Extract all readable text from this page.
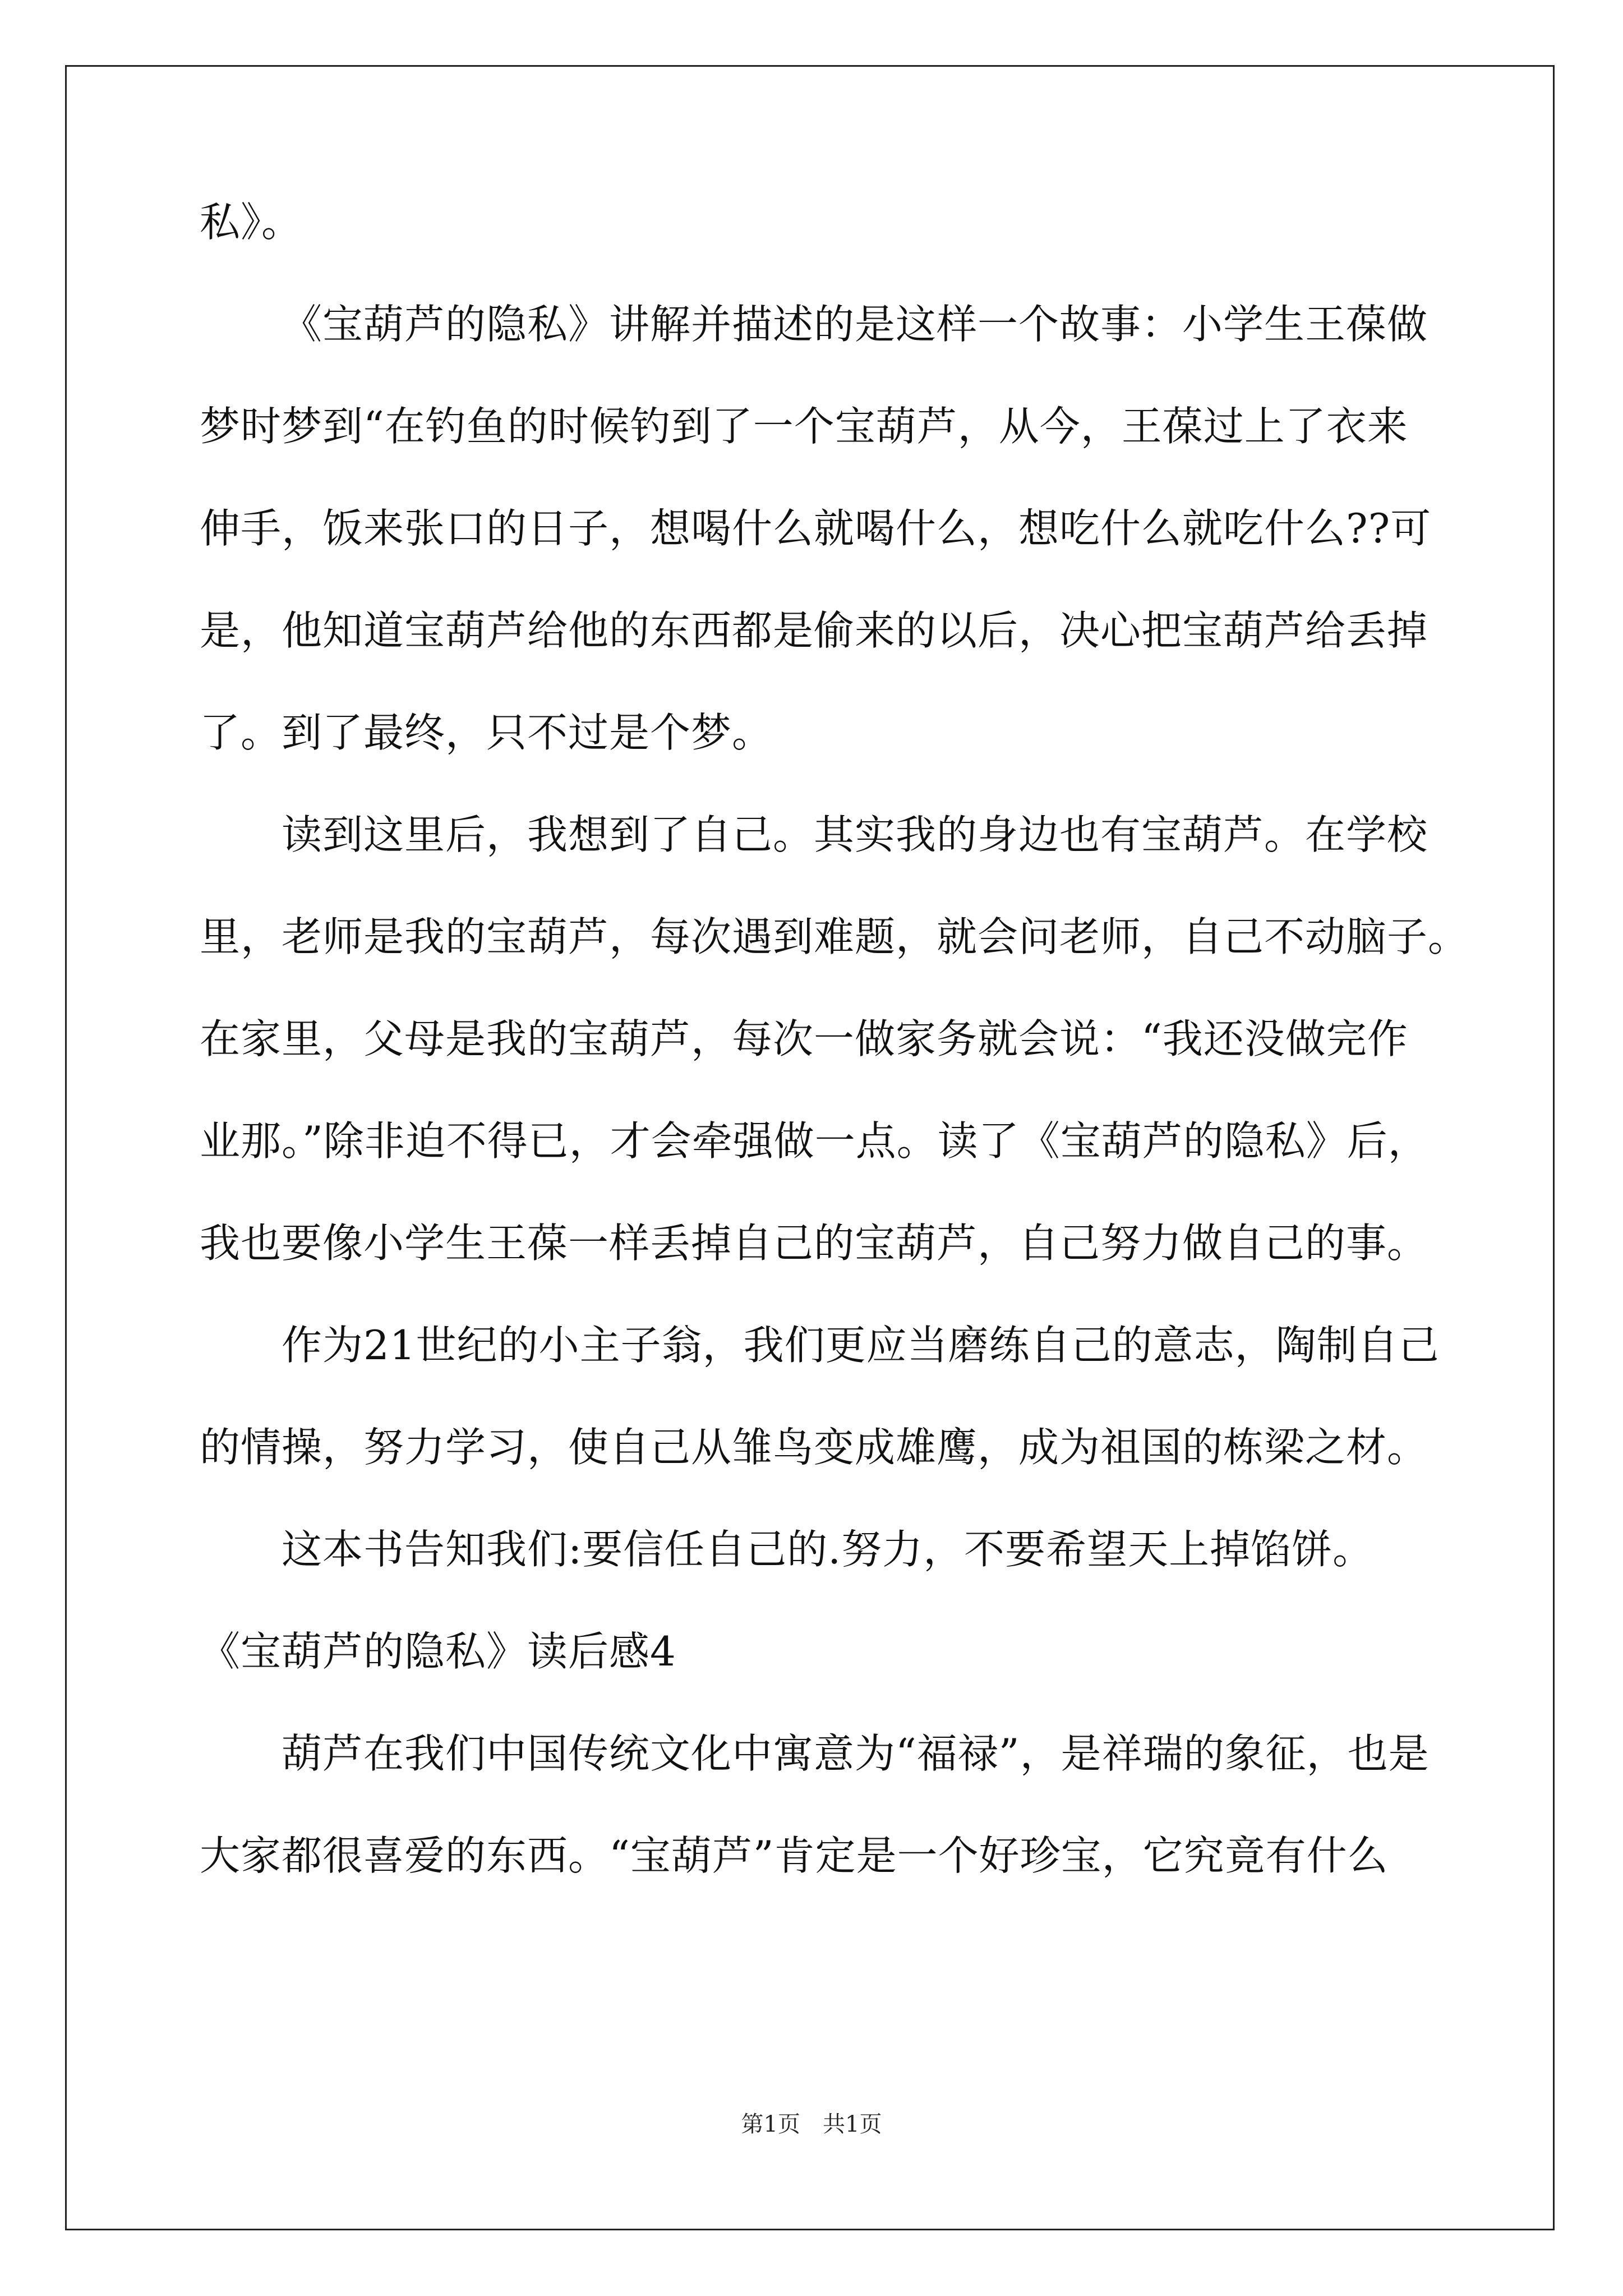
私》。

《宝葫芦的隐私》讲解并描述的是这样一个故事：小学生王葆做

梦时梦到“在钓鱼的时候钓到了一个宝葫芦，从今，王葆过上了衣来

伸手，饭来张口的日子，想喝什么就喝什么，想吃什么就吃什么??可

是，他知道宝葫芦给他的东西都是偷来的以后，决心把宝葫芦给丢掉

了。到了最终，只不过是个梦。

读到这里后，我想到了自己。其实我的身边也有宝葫芦。在学校

里，老师是我的宝葫芦，每次遇到难题，就会问老师，自己不动脑子。

在家里，父母是我的宝葫芦，每次一做家务就会说：“我还没做完作

业那。”除非迫不得已，才会牵强做一点。读了《宝葫芦的隐私》后，

我也要像小学生王葆一样丢掉自己的宝葫芦，自己努力做自己的事。

作为21世纪的小主子翁，我们更应当磨练自己的意志，陶制自己

的情操，努力学习，使自己从雏鸟变成雄鹰，成为祖国的栋梁之材。

这本书告知我们:要信任自己的.努力，不要希望天上掉馅饼。

《宝葫芦的隐私》读后感4

葫芦在我们中国传统文化中寓意为“福禄”，是祥瑞的象征，也是

大家都很喜爱的东西。“宝葫芦”肯定是一个好珍宝，它究竟有什么

第1页　共1页
